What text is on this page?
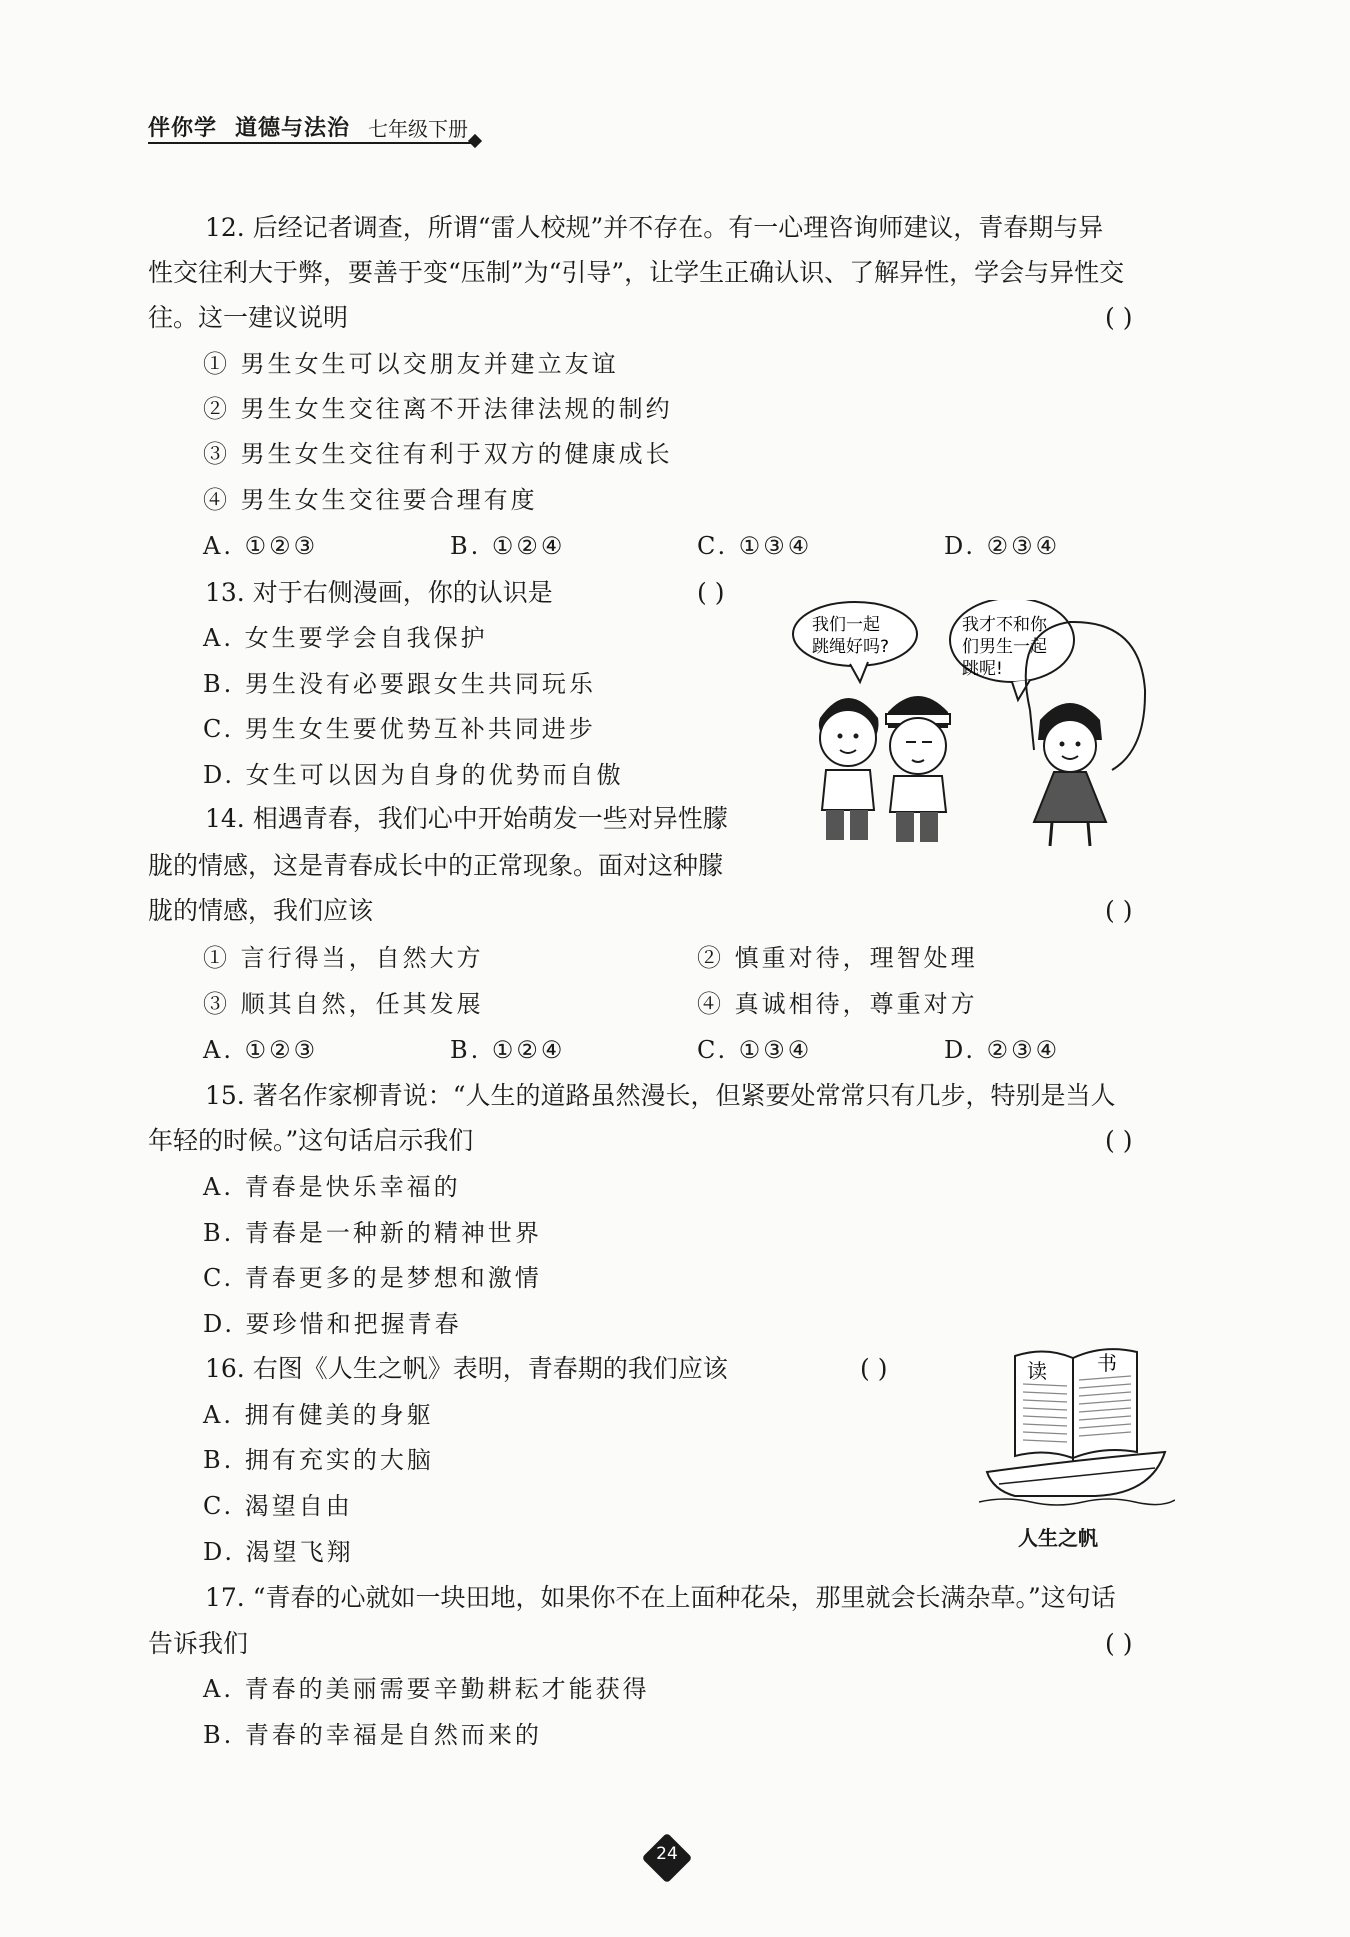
伴你学 道德与法治 七年级下册
12. 后经记者调查，所谓“雷人校规”并不存在。有一心理咨询师建议，青春期与异
性交往利大于弊，要善于变“压制”为“引导”，让学生正确认识、了解异性，学会与异性交
往。这一建议说明	( )
① 男生女生可以交朋友并建立友谊
② 男生女生交往离不开法律法规的制约
③ 男生女生交往有利于双方的健康成长
④ 男生女生交往要合理有度
A. ①②③	B. ①②④	C. ①③④	D. ②③④
13. 对于右侧漫画，你的认识是	( )
A. 女生要学会自我保护
B. 男生没有必要跟女生共同玩乐
C. 男生女生要优势互补共同进步
D. 女生可以因为自身的优势而自傲
我们一起
跳绳好吗?
我才不和你
们男生一起
跳呢!
14. 相遇青春，我们心中开始萌发一些对异性朦
胧的情感，这是青春成长中的正常现象。面对这种朦
胧的情感，我们应该	( )
① 言行得当，自然大方	② 慎重对待，理智处理
③ 顺其自然，任其发展	④ 真诚相待，尊重对方
A. ①②③	B. ①②④	C. ①③④	D. ②③④
15. 著名作家柳青说：“人生的道路虽然漫长，但紧要处常常只有几步，特别是当人
年轻的时候。”这句话启示我们	( )
A. 青春是快乐幸福的
B. 青春是一种新的精神世界
C. 青春更多的是梦想和激情
D. 要珍惜和把握青春
16. 右图《人生之帆》表明，青春期的我们应该	( )
A. 拥有健美的身躯
B. 拥有充实的大脑
C. 渴望自由
D. 渴望飞翔
读	书
人生之帆
17. “青春的心就如一块田地，如果你不在上面种花朵，那里就会长满杂草。”这句话
告诉我们	( )
A. 青春的美丽需要辛勤耕耘才能获得
B. 青春的幸福是自然而来的
24
